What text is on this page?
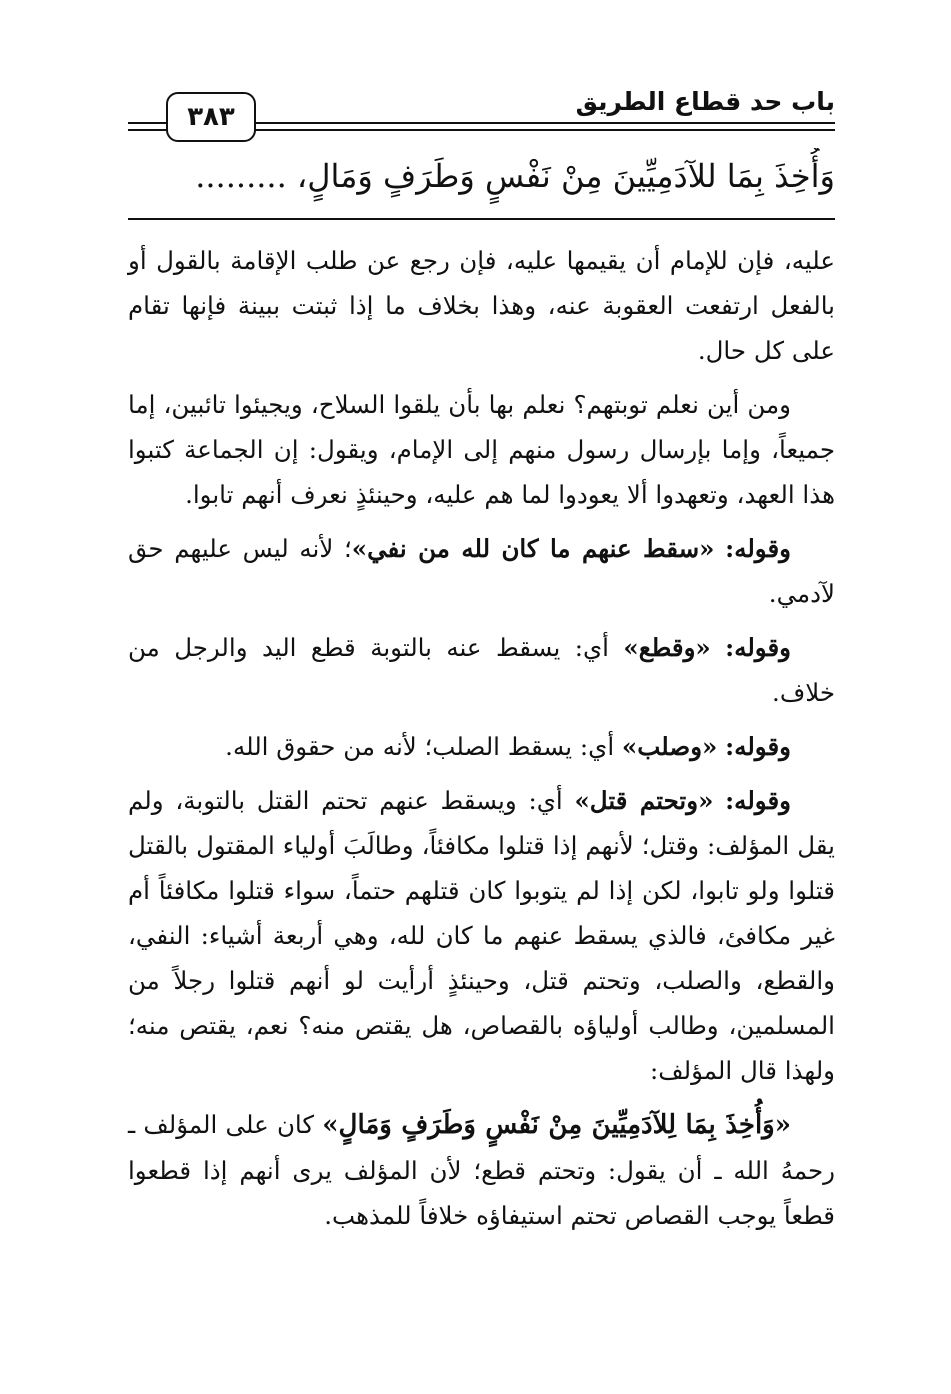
باب حد قطاع الطريق
٣٨٣
وَأُخِذَ بِمَا للآدَمِيِّينَ مِنْ نَفْسٍ وَطَرَفٍ وَمَالٍ، .........

عليه، فإن للإمام أن يقيمها عليه، فإن رجع عن طلب الإقامة بالقول أو بالفعل ارتفعت العقوبة عنه، وهذا بخلاف ما إذا ثبتت ببينة فإنها تقام على كل حال.

ومن أين نعلم توبتهم؟ نعلم بها بأن يلقوا السلاح، ويجيئوا تائبين، إما جميعاً، وإما بإرسال رسول منهم إلى الإمام، ويقول: إن الجماعة كتبوا هذا العهد، وتعهدوا ألا يعودوا لما هم عليه، وحينئذٍ نعرف أنهم تابوا.

وقوله: «سقط عنهم ما كان لله من نفي»؛ لأنه ليس عليهم حق لآدمي.

وقوله: «وقطع» أي: يسقط عنه بالتوبة قطع اليد والرجل من خلاف.

وقوله: «وصلب» أي: يسقط الصلب؛ لأنه من حقوق الله.

وقوله: «وتحتم قتل» أي: ويسقط عنهم تحتم القتل بالتوبة، ولم يقل المؤلف: وقتل؛ لأنهم إذا قتلوا مكافئاً، وطالَبَ أولياء المقتول بالقتل قتلوا ولو تابوا، لكن إذا لم يتوبوا كان قتلهم حتماً، سواء قتلوا مكافئاً أم غير مكافئ، فالذي يسقط عنهم ما كان لله، وهي أربعة أشياء: النفي، والقطع، والصلب، وتحتم قتل، وحينئذٍ أرأيت لو أنهم قتلوا رجلاً من المسلمين، وطالب أولياؤه بالقصاص، هل يقتص منه؟ نعم، يقتص منه؛ ولهذا قال المؤلف:

«وَأُخِذَ بِمَا لِلآدَمِيِّينَ مِنْ نَفْسٍ وَطَرَفٍ وَمَالٍ» كان على المؤلف ـ رحمهُ الله ـ أن يقول: وتحتم قطع؛ لأن المؤلف يرى أنهم إذا قطعوا قطعاً يوجب القصاص تحتم استيفاؤه خلافاً للمذهب.
